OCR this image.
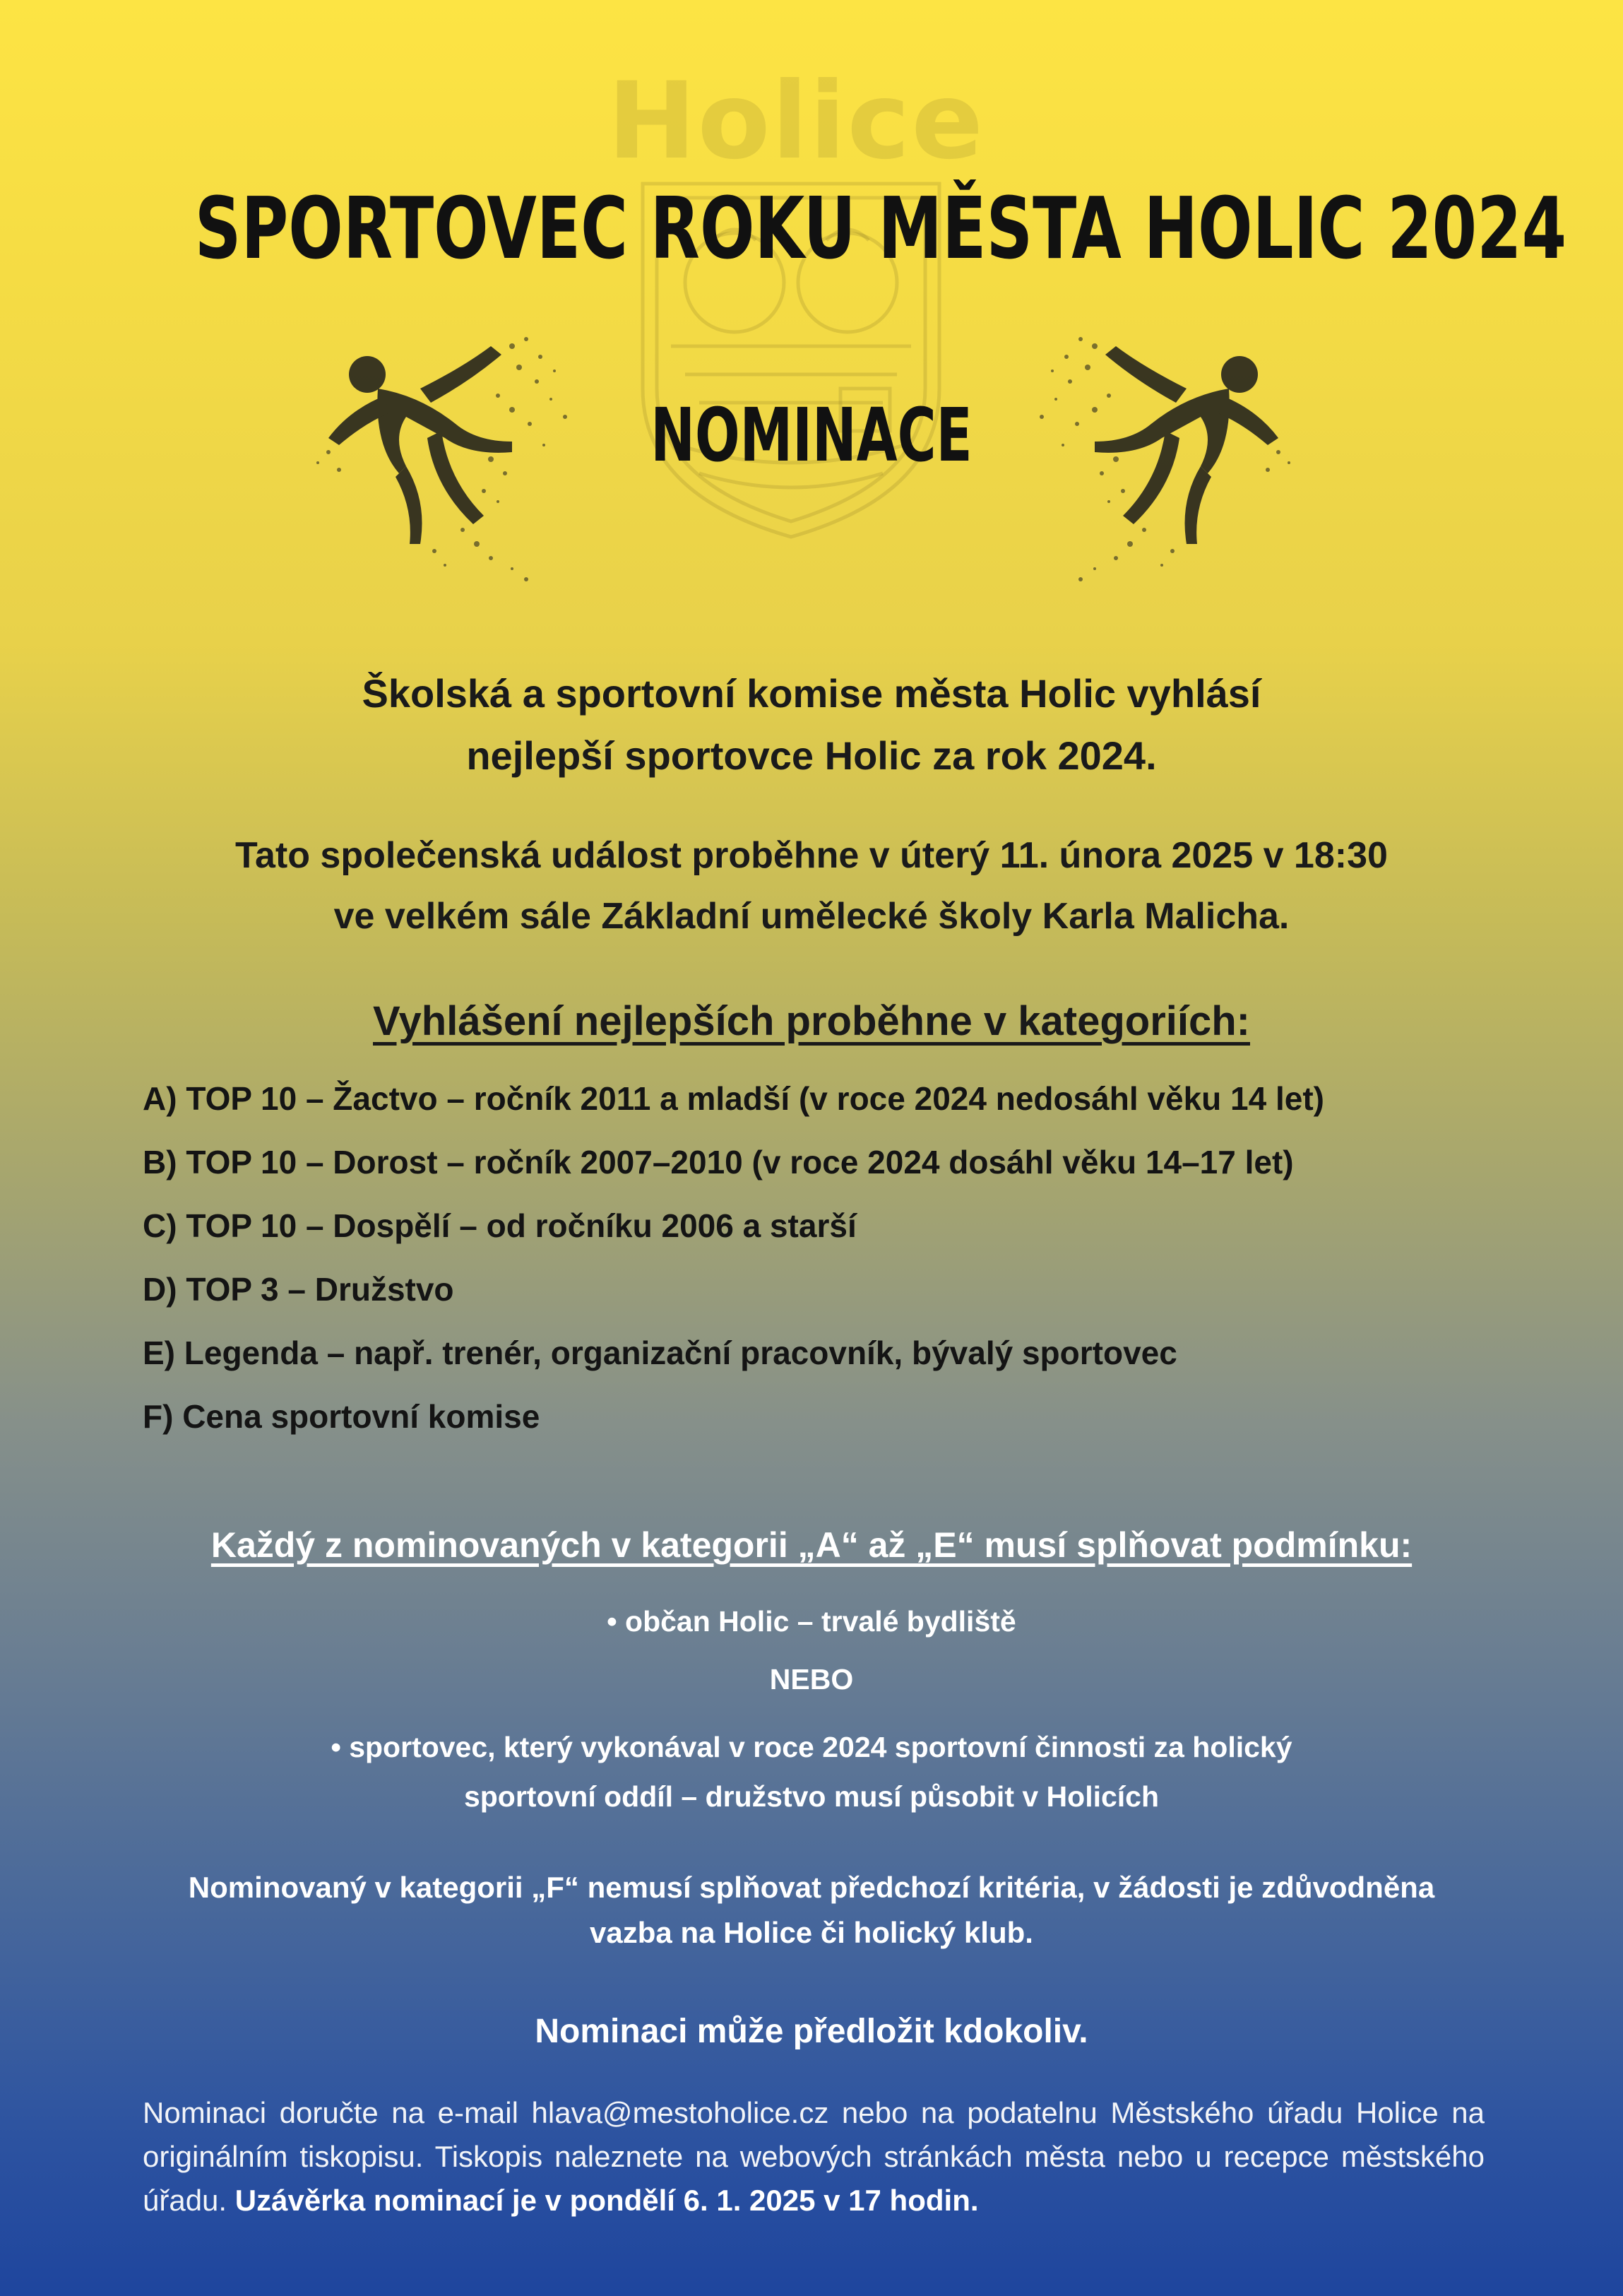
Holice
SPORTOVEC ROKU MĚSTA HOLIC 2024
NOMINACE
Školská a sportovní komise města Holic vyhlásí
nejlepší sportovce Holic za rok 2024.
Tato společenská událost proběhne v úterý 11. února 2025 v 18:30
ve velkém sále Základní umělecké školy Karla Malicha.
Vyhlášení nejlepších proběhne v kategoriích:
A) TOP 10 – Žactvo – ročník 2011 a mladší (v roce 2024 nedosáhl věku 14 let)
B) TOP 10 – Dorost – ročník 2007–2010 (v roce 2024 dosáhl věku 14–17 let)
C) TOP 10 – Dospělí – od ročníku 2006 a starší
D) TOP 3 – Družstvo
E) Legenda – např. trenér, organizační pracovník, bývalý sportovec
F) Cena sportovní komise
Každý z nominovaných v kategorii „A“ až „E“ musí splňovat podmínku:
• občan Holic – trvalé bydliště
NEBO
• sportovec, který vykonával v roce 2024 sportovní činnosti za holický
sportovní oddíl – družstvo musí působit v Holicích
Nominovaný v kategorii „F“ nemusí splňovat předchozí kritéria, v žádosti je zdůvodněna
vazba na Holice či holický klub.
Nominaci může předložit kdokoliv.
Nominaci doručte na e-mail hlava@mestoholice.cz nebo na podatelnu Městského úřadu Holice na originálním tiskopisu. Tiskopis naleznete na webových stránkách města nebo u recepce městského úřadu. Uzávěrka nominací je v pondělí 6. 1. 2025 v 17 hodin.
